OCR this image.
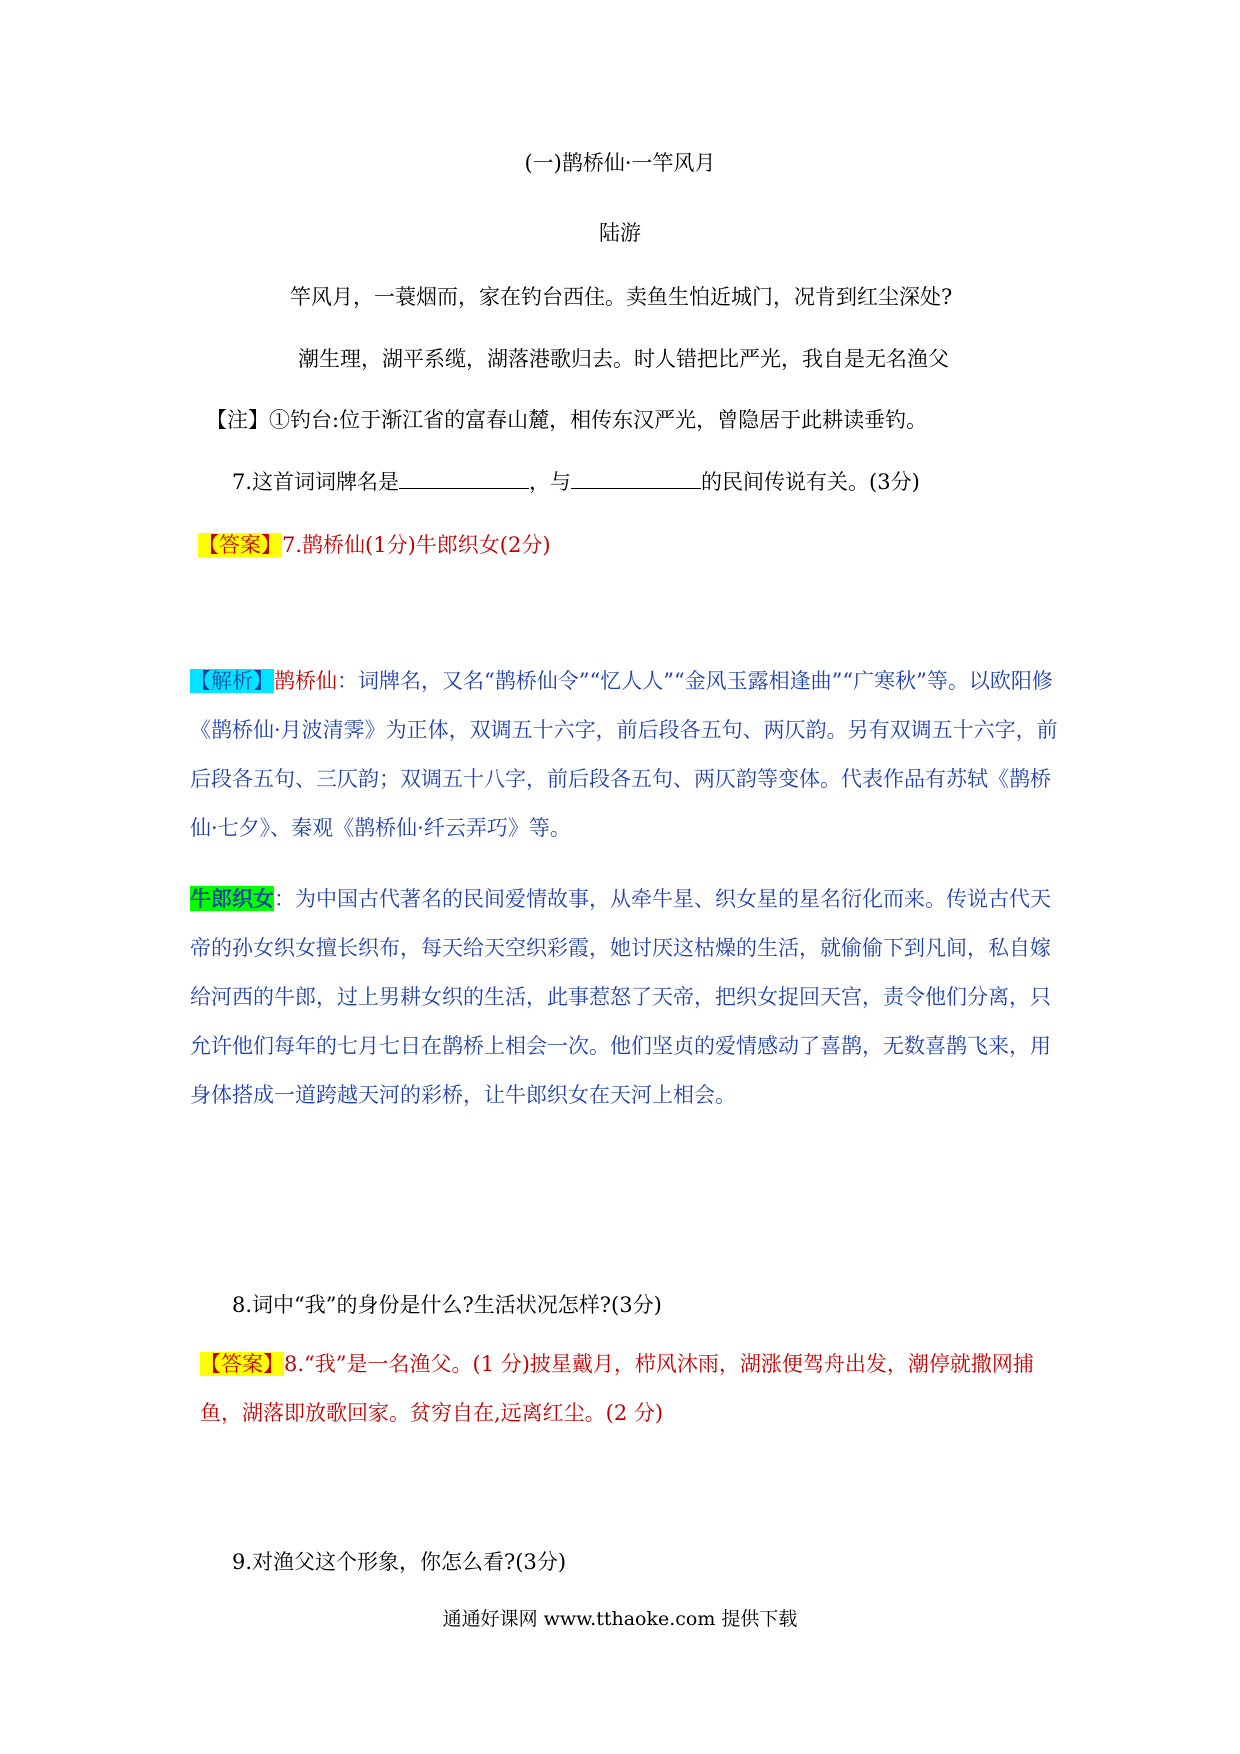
(一)鹊桥仙·一竿风月
陆游
竿风月，一蓑烟而，家在钓台西住。卖鱼生怕近城门，况肯到红尘深处?
潮生理，湖平系缆，湖落港歌归去。时人错把比严光，我自是无名渔父
【注】①钓台:位于渐江省的富春山麓，相传东汉严光，曾隐居于此耕读垂钓。
7.这首词词牌名是	，与	的民间传说有关。(3分)
【答案】7.鹊桥仙(1分)牛郎织女(2分)
【解析】鹊桥仙：词牌名，又名“鹊桥仙令”“忆人人”“金风玉露相逢曲”“广寒秋”等。以欧阳修《鹊桥仙·月波清霁》为正体，双调五十六字，前后段各五句、两仄韵。另有双调五十六字，前后段各五句、三仄韵；双调五十八字，前后段各五句、两仄韵等变体。代表作品有苏轼《鹊桥仙·七夕》、秦观《鹊桥仙·纤云弄巧》等。
牛郎织女：为中国古代著名的民间爱情故事，从牵牛星、织女星的星名衍化而来。传说古代天帝的孙女织女擅长织布，每天给天空织彩霞，她讨厌这枯燥的生活，就偷偷下到凡间，私自嫁给河西的牛郎，过上男耕女织的生活，此事惹怒了天帝，把织女捉回天宫，责令他们分离，只允许他们每年的七月七日在鹊桥上相会一次。他们坚贞的爱情感动了喜鹊，无数喜鹊飞来，用身体搭成一道跨越天河的彩桥，让牛郎织女在天河上相会。
8.词中“我”的身份是什么?生活状况怎样?(3分)
【答案】8.“我”是一名渔父。(1 分)披星戴月，栉风沐雨，湖涨便驾舟出发，潮停就撒网捕鱼，湖落即放歌回家。贫穷自在,远离红尘。(2 分)
9.对渔父这个形象，你怎么看?(3分)
通通好课网 www.tthaoke.com 提供下载
